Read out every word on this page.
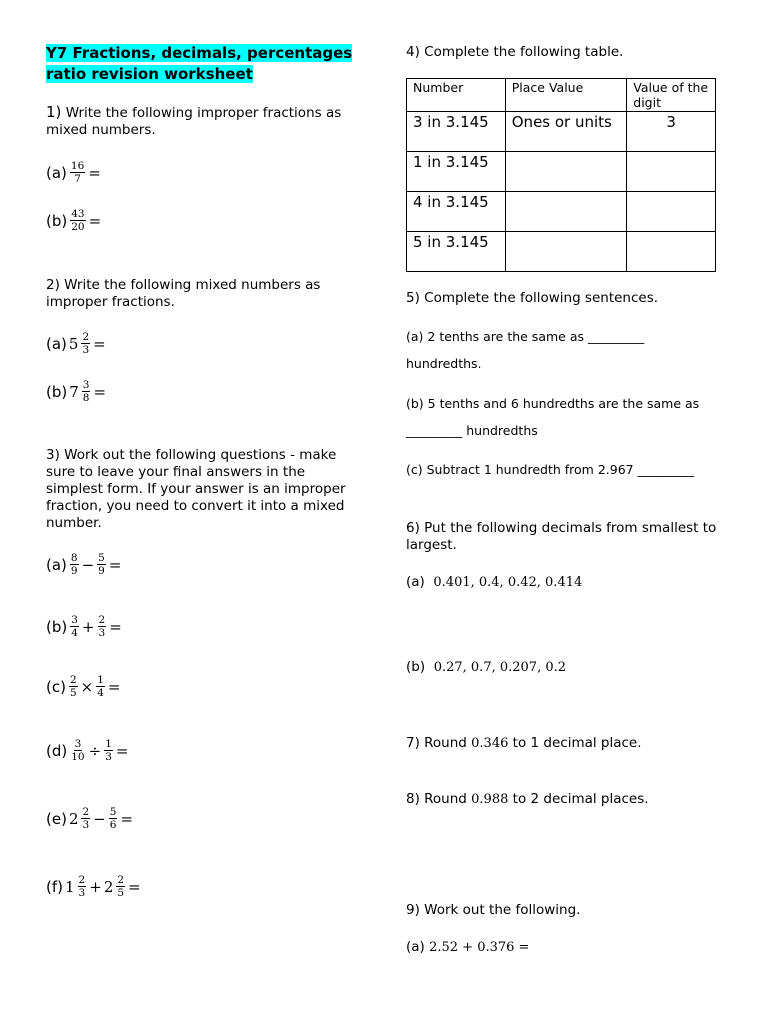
Y7 Fractions, decimals, percentages
ratio revision worksheet
1) Write the following improper fractions as mixed numbers.
$(a) \frac{16}{7}$ =
$(b) \frac{43}{20}$ =
2) Write the following mixed numbers as improper fractions.
(a) $5 \frac{2}{3}$ =
(b) $7 \frac{3}{8}$ =
3) Work out the following questions - make sure to leave your final answers in the simplest form. If your answer is an improper fraction, you need to convert it into a mixed number.
$(a) \frac{8}{9} - \frac{5}{9}$ =
$(b) \frac{3}{4} + \frac{2}{3}$ =
$(c) \frac{2}{5} \times \frac{1}{4}$ =
$(d) \frac{3}{10} \div \frac{1}{3}$ =
(e) $2 \frac{2}{3} - \frac{5}{6}$ =
(f) $1 \frac{2}{3} + 2 \frac{2}{5}$ =
4) Complete the following table.
Number	Place Value	Value of the digit
3 in 3.145	Ones or units	3
1 in 3.145		
4 in 3.145		
5 in 3.145		
5) Complete the following sentences.
(a) 2 tenths are the same as _________
hundredths.
(b) 5 tenths and 6 hundredths are the same as
_________ hundredths
(c) Subtract 1 hundredth from 2.967 _________
6) Put the following decimals from smallest to largest.
(a) 0.401, 0.4, 0.42, 0.414
(b) 0.27, 0.7, 0.207, 0.2
7) Round 0.346 to 1 decimal place.
8) Round 0.988 to 2 decimal places.
9) Work out the following.
(a) 2.52 + 0.376 =
